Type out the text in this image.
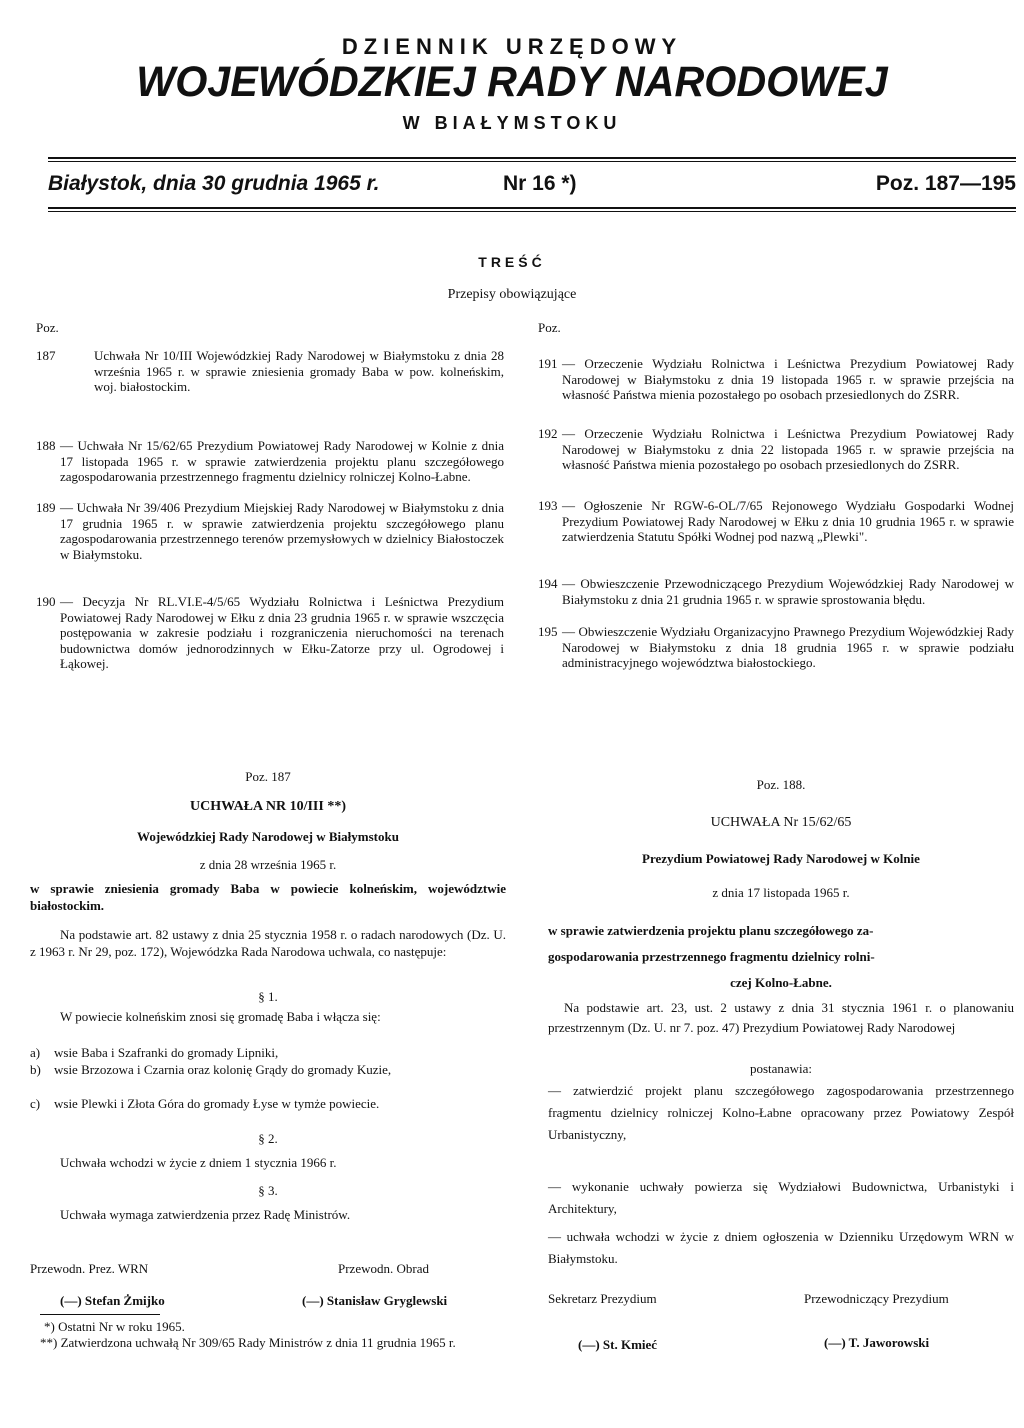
DZIENNIK URZĘDOWY
WOJEWÓDZKIEJ RADY NARODOWEJ
W BIAŁYMSTOKU
Białystok, dnia 30 grudnia 1965 r.	Nr 16 *)	Poz. 187—195
TREŚĆ
Przepisy obowiązujące
Poz.	Poz.
187	Uchwała Nr 10/III Wojewódzkiej Rady Narodowej w Białymstoku z dnia 28 września 1965 r. w sprawie zniesienia gromady Baba w pow. kolneńskim, woj. białostockim.
188 — Uchwała Nr 15/62/65 Prezydium Powiatowej Rady Narodowej w Kolnie z dnia 17 listopada 1965 r. w sprawie zatwierdzenia projektu planu szczegółowego zagospodarowania przestrzennego fragmentu dzielnicy rolniczej Kolno-Łabne.
189 — Uchwała Nr 39/406 Prezydium Miejskiej Rady Narodowej w Białymstoku z dnia 17 grudnia 1965 r. w sprawie zatwierdzenia projektu szczegółowego planu zagospodarowania przestrzennego terenów przemysłowych w dzielnicy Białostoczek w Białymstoku.
190 — Decyzja Nr RL.VI.E-4/5/65 Wydziału Rolnictwa i Leśnictwa Prezydium Powiatowej Rady Narodowej w Ełku z dnia 23 grudnia 1965 r. w sprawie wszczęcia postępowania w zakresie podziału i rozgraniczenia nieruchomości na terenach budownictwa domów jednorodzinnych w Ełku-Zatorze przy ul. Ogrodowej i Łąkowej.
191 — Orzeczenie Wydziału Rolnictwa i Leśnictwa Prezydium Powiatowej Rady Narodowej w Białymstoku z dnia 19 listopada 1965 r. w sprawie przejścia na własność Państwa mienia pozostałego po osobach przesiedlonych do ZSRR.
192 — Orzeczenie Wydziału Rolnictwa i Leśnictwa Prezydium Powiatowej Rady Narodowej w Białymstoku z dnia 22 listopada 1965 r. w sprawie przejścia na własność Państwa mienia pozostałego po osobach przesiedlonych do ZSRR.
193 — Ogłoszenie Nr RGW-6-OL/7/65 Rejonowego Wydziału Gospodarki Wodnej Prezydium Powiatowej Rady Narodowej w Ełku z dnia 10 grudnia 1965 r. w sprawie zatwierdzenia Statutu Spółki Wodnej pod nazwą „Plewki".
194 — Obwieszczenie Przewodniczącego Prezydium Wojewódzkiej Rady Narodowej w Białymstoku z dnia 21 grudnia 1965 r. w sprawie sprostowania błędu.
195 — Obwieszczenie Wydziału Organizacyjno Prawnego Prezydium Wojewódzkiej Rady Narodowej w Białymstoku z dnia 18 grudnia 1965 r. w sprawie podziału administracyjnego województwa białostockiego.
Poz. 187
UCHWAŁA NR 10/III **)
Wojewódzkiej Rady Narodowej w Białymstoku
z dnia 28 września 1965 r.
w sprawie zniesienia gromady Baba w powiecie kolneńskim, województwie białostockim.
Na podstawie art. 82 ustawy z dnia 25 stycznia 1958 r. o radach narodowych (Dz. U. z 1963 r. Nr 29, poz. 172), Wojewódzka Rada Narodowa uchwala, co następuje:
§ 1.
W powiecie kolneńskim znosi się gromadę Baba i włącza się:
a) wsie Baba i Szafranki do gromady Lipniki,
b) wsie Brzozowa i Czarnia oraz kolonię Grądy do gromady Kuzie,
c) wsie Plewki i Złota Góra do gromady Łyse w tymże powiecie.
§ 2.
Uchwała wchodzi w życie z dniem 1 stycznia 1966 r.
§ 3.
Uchwała wymaga zatwierdzenia przez Radę Ministrów.
Przewodn. Prez. WRN	Przewodn. Obrad
(—) Stefan Żmijko	(—) Stanisław Gryglewski
*) Ostatni Nr w roku 1965.
**) Zatwierdzona uchwałą Nr 309/65 Rady Ministrów z dnia 11 grudnia 1965 r.
Poz. 188.
UCHWAŁA Nr 15/62/65
Prezydium Powiatowej Rady Narodowej w Kolnie
z dnia 17 listopada 1965 r.
w sprawie zatwierdzenia projektu planu szczegółowego za-
gospodarowania przestrzennego fragmentu dzielnicy rolni-
czej Kolno-Łabne.
Na podstawie art. 23, ust. 2 ustawy z dnia 31 stycznia 1961 r. o planowaniu przestrzennym (Dz. U. nr 7. poz. 47) Prezydium Powiatowej Rady Narodowej
postanawia:
— zatwierdzić projekt planu szczegółowego zagospodarowania przestrzennego fragmentu dzielnicy rolniczej Kolno-Łabne opracowany przez Powiatowy Zespół Urbanistyczny,
— wykonanie uchwały powierza się Wydziałowi Budownictwa, Urbanistyki i Architektury,
— uchwała wchodzi w życie z dniem ogłoszenia w Dzienniku Urzędowym WRN w Białymstoku.
Sekretarz Prezydium	Przewodniczący Prezydium
(—) St. Kmieć	(—) T. Jaworowski
